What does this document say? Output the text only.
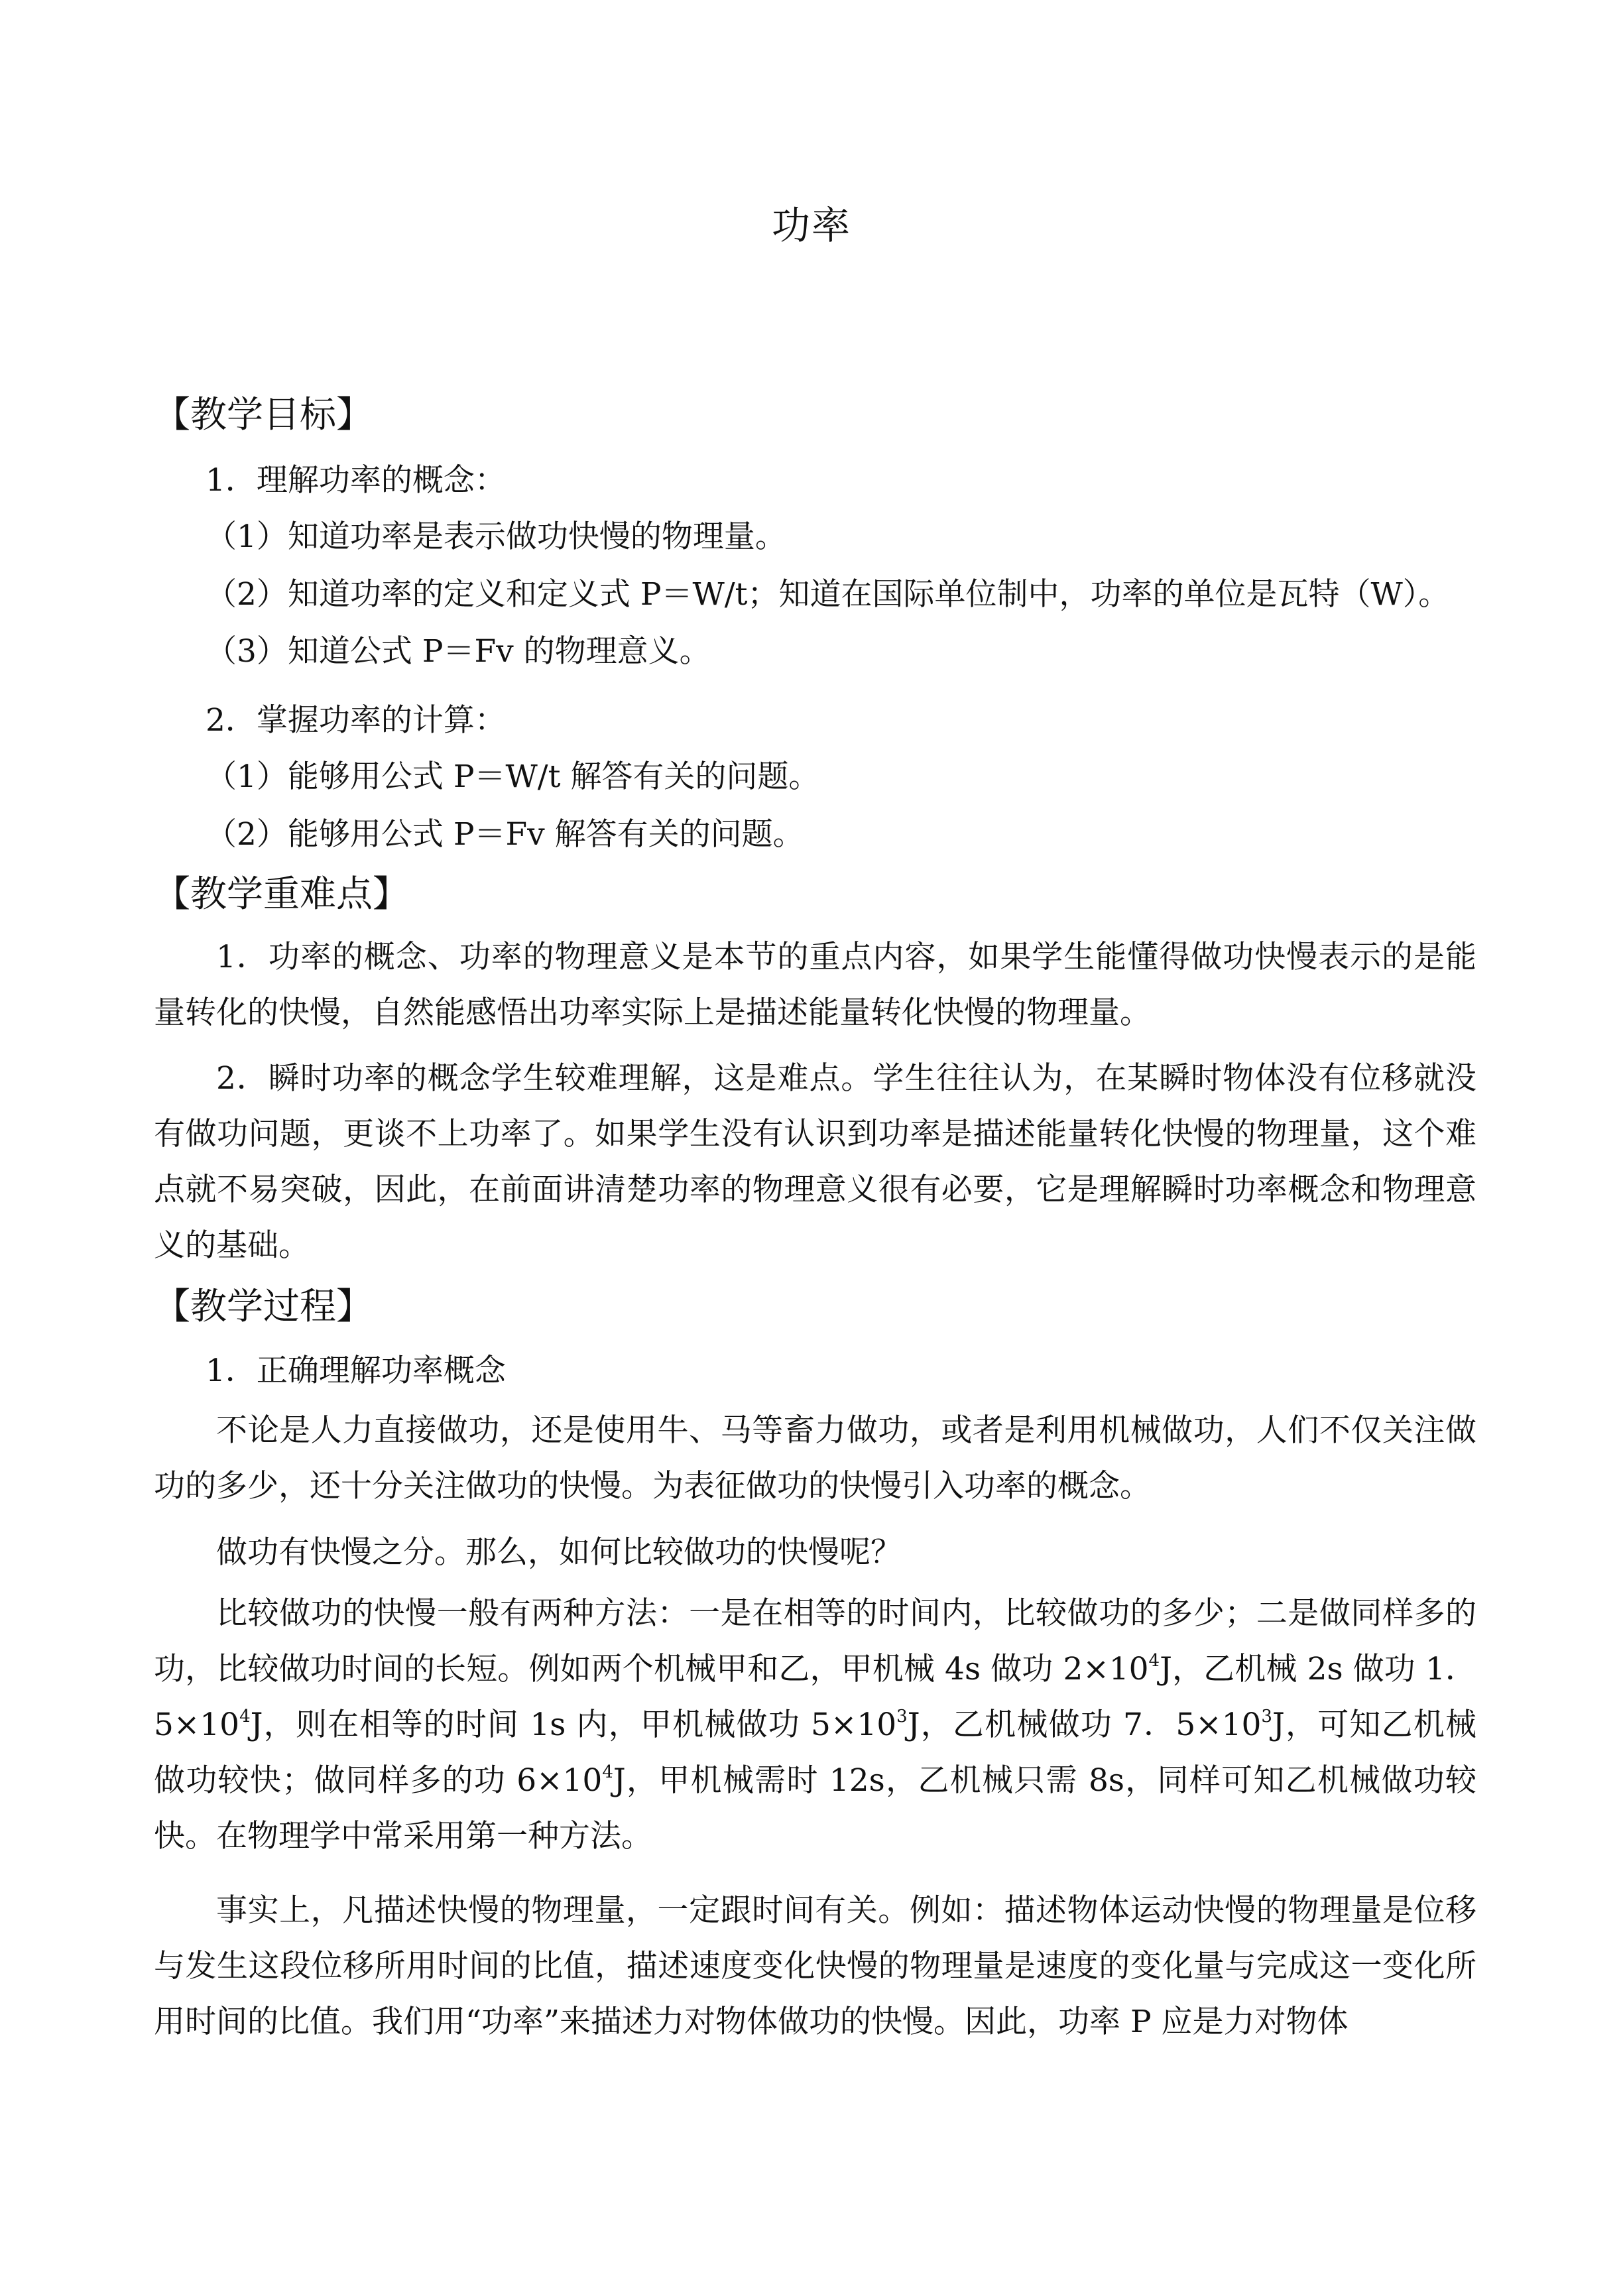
功率
【教学目标】
1．理解功率的概念：
（1）知道功率是表示做功快慢的物理量。
（2）知道功率的定义和定义式 P＝W/t；知道在国际单位制中，功率的单位是瓦特（W）。
（3）知道公式 P＝Fv 的物理意义。
2．掌握功率的计算：
（1）能够用公式 P＝W/t 解答有关的问题。
（2）能够用公式 P＝Fv 解答有关的问题。
【教学重难点】
1．功率的概念、功率的物理意义是本节的重点内容，如果学生能懂得做功快慢表示的是能量转化的快慢，自然能感悟出功率实际上是描述能量转化快慢的物理量。
2．瞬时功率的概念学生较难理解，这是难点。学生往往认为，在某瞬时物体没有位移就没有做功问题，更谈不上功率了。如果学生没有认识到功率是描述能量转化快慢的物理量，这个难点就不易突破，因此，在前面讲清楚功率的物理意义很有必要，它是理解瞬时功率概念和物理意义的基础。
【教学过程】
1．正确理解功率概念
不论是人力直接做功，还是使用牛、马等畜力做功，或者是利用机械做功，人们不仅关注做功的多少，还十分关注做功的快慢。为表征做功的快慢引入功率的概念。
做功有快慢之分。那么，如何比较做功的快慢呢？
比较做功的快慢一般有两种方法：一是在相等的时间内，比较做功的多少；二是做同样多的功，比较做功时间的长短。例如两个机械甲和乙，甲机械 4s 做功 $2\times 10^4J$，乙机械 2s 做功 1．$5\times 10^4J$，则在相等的时间 1s 内，甲机械做功 $5\times 10^3J$，乙机械做功 7．$5\times 10^3J$，可知乙机械做功较快；做同样多的功 $6\times 10^4J$，甲机械需时 12s，乙机械只需 8s，同样可知乙机械做功较快。在物理学中常采用第一种方法。
事实上，凡描述快慢的物理量，一定跟时间有关。例如：描述物体运动快慢的物理量是位移与发生这段位移所用时间的比值，描述速度变化快慢的物理量是速度的变化量与完成这一变化所用时间的比值。我们用“功率”来描述力对物体做功的快慢。因此，功率 P 应是力对物体
